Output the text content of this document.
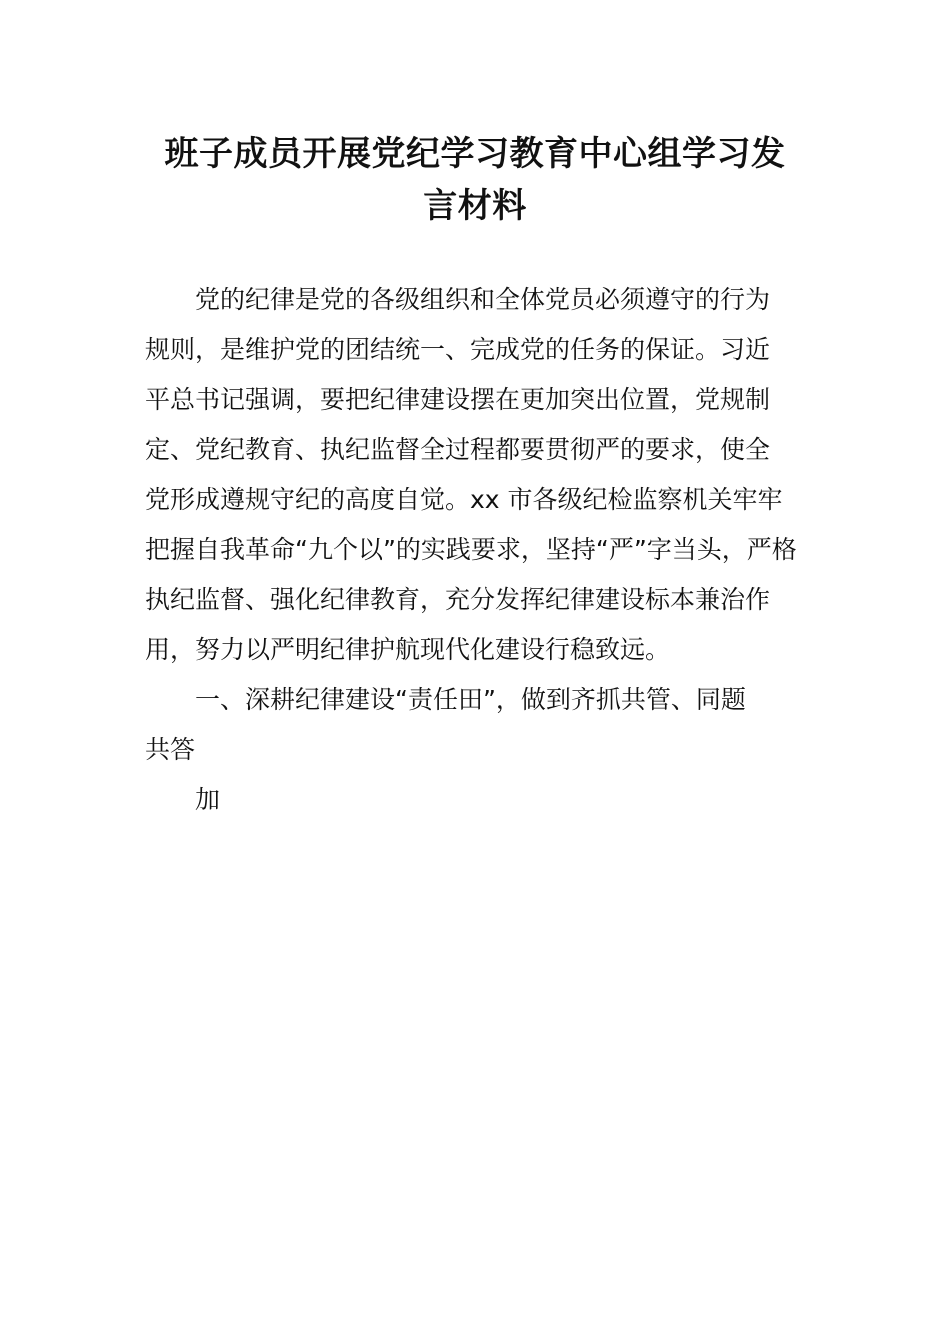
班子成员开展党纪学习教育中心组学习发
言材料
党的纪律是党的各级组织和全体党员必须遵守的行为
规则，是维护党的团结统一、完成党的任务的保证。习近
平总书记强调，要把纪律建设摆在更加突出位置，党规制
定、党纪教育、执纪监督全过程都要贯彻严的要求，使全
党形成遵规守纪的高度自觉。xx 市各级纪检监察机关牢牢
把握自我革命“九个以”的实践要求，坚持“严”字当头，严格
执纪监督、强化纪律教育，充分发挥纪律建设标本兼治作
用，努力以严明纪律护航现代化建设行稳致远。
一、深耕纪律建设“责任田”，做到齐抓共管、同题
共答
加
